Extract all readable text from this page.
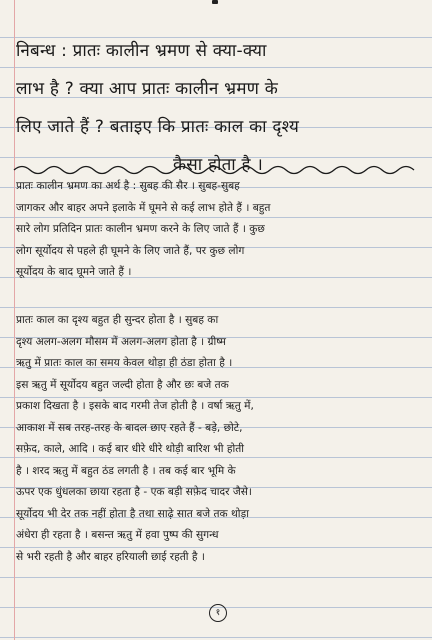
निबन्ध : प्रातः कालीन भ्रमण से क्या-क्या
लाभ है ? क्या आप प्रातः कालीन भ्रमण के
लिए जाते हैं ? बताइए कि प्रातः काल का दृश्य
कैसा होता है ।
प्रातः कालीन भ्रमण का अर्थ है : सुबह की सैर । सुबह-सुबह
जागकर और बाहर अपने इलाके में घूमने से कई लाभ होते हैं । बहुत
सारे लोग प्रतिदिन प्रातः कालीन भ्रमण करने के लिए जाते हैं । कुछ
लोग सूर्योदय से पहले ही घूमने के लिए जाते हैं, पर कुछ लोग
सूर्योदय के बाद घूमने जाते हैं ।
प्रातः काल का दृश्य बहुत ही सुन्दर होता है । सुबह का
दृश्य अलग-अलग मौसम में अलग-अलग होता है । ग्रीष्म
ऋतु में प्रातः काल का समय केवल थोड़ा ही ठंडा होता है ।
इस ऋतु में सूर्योदय बहुत जल्दी होता है और छः बजे तक
प्रकाश दिखता है । इसके बाद गरमी तेज होती है । वर्षा ऋतु में,
आकाश में सब तरह-तरह के बादल छाए रहते हैं - बड़े, छोटे,
सफ़ेद, काले, आदि । कई बार धीरे धीरे थोड़ी बारिश भी होती
है । शरद ऋतु में बहुत ठंड लगती है । तब कई बार भूमि के
ऊपर एक धुंधलका छाया रहता है - एक बड़ी सफ़ेद चादर जैसे।
सूर्योदय भी देर तक नहीं होता है तथा साढ़े सात बजे तक थोड़ा
अंधेरा ही रहता है । बसन्त ऋतु में हवा पुष्प की सुगन्ध
से भरी रहती है और बाहर हरियाली छाई रहती है ।
१
